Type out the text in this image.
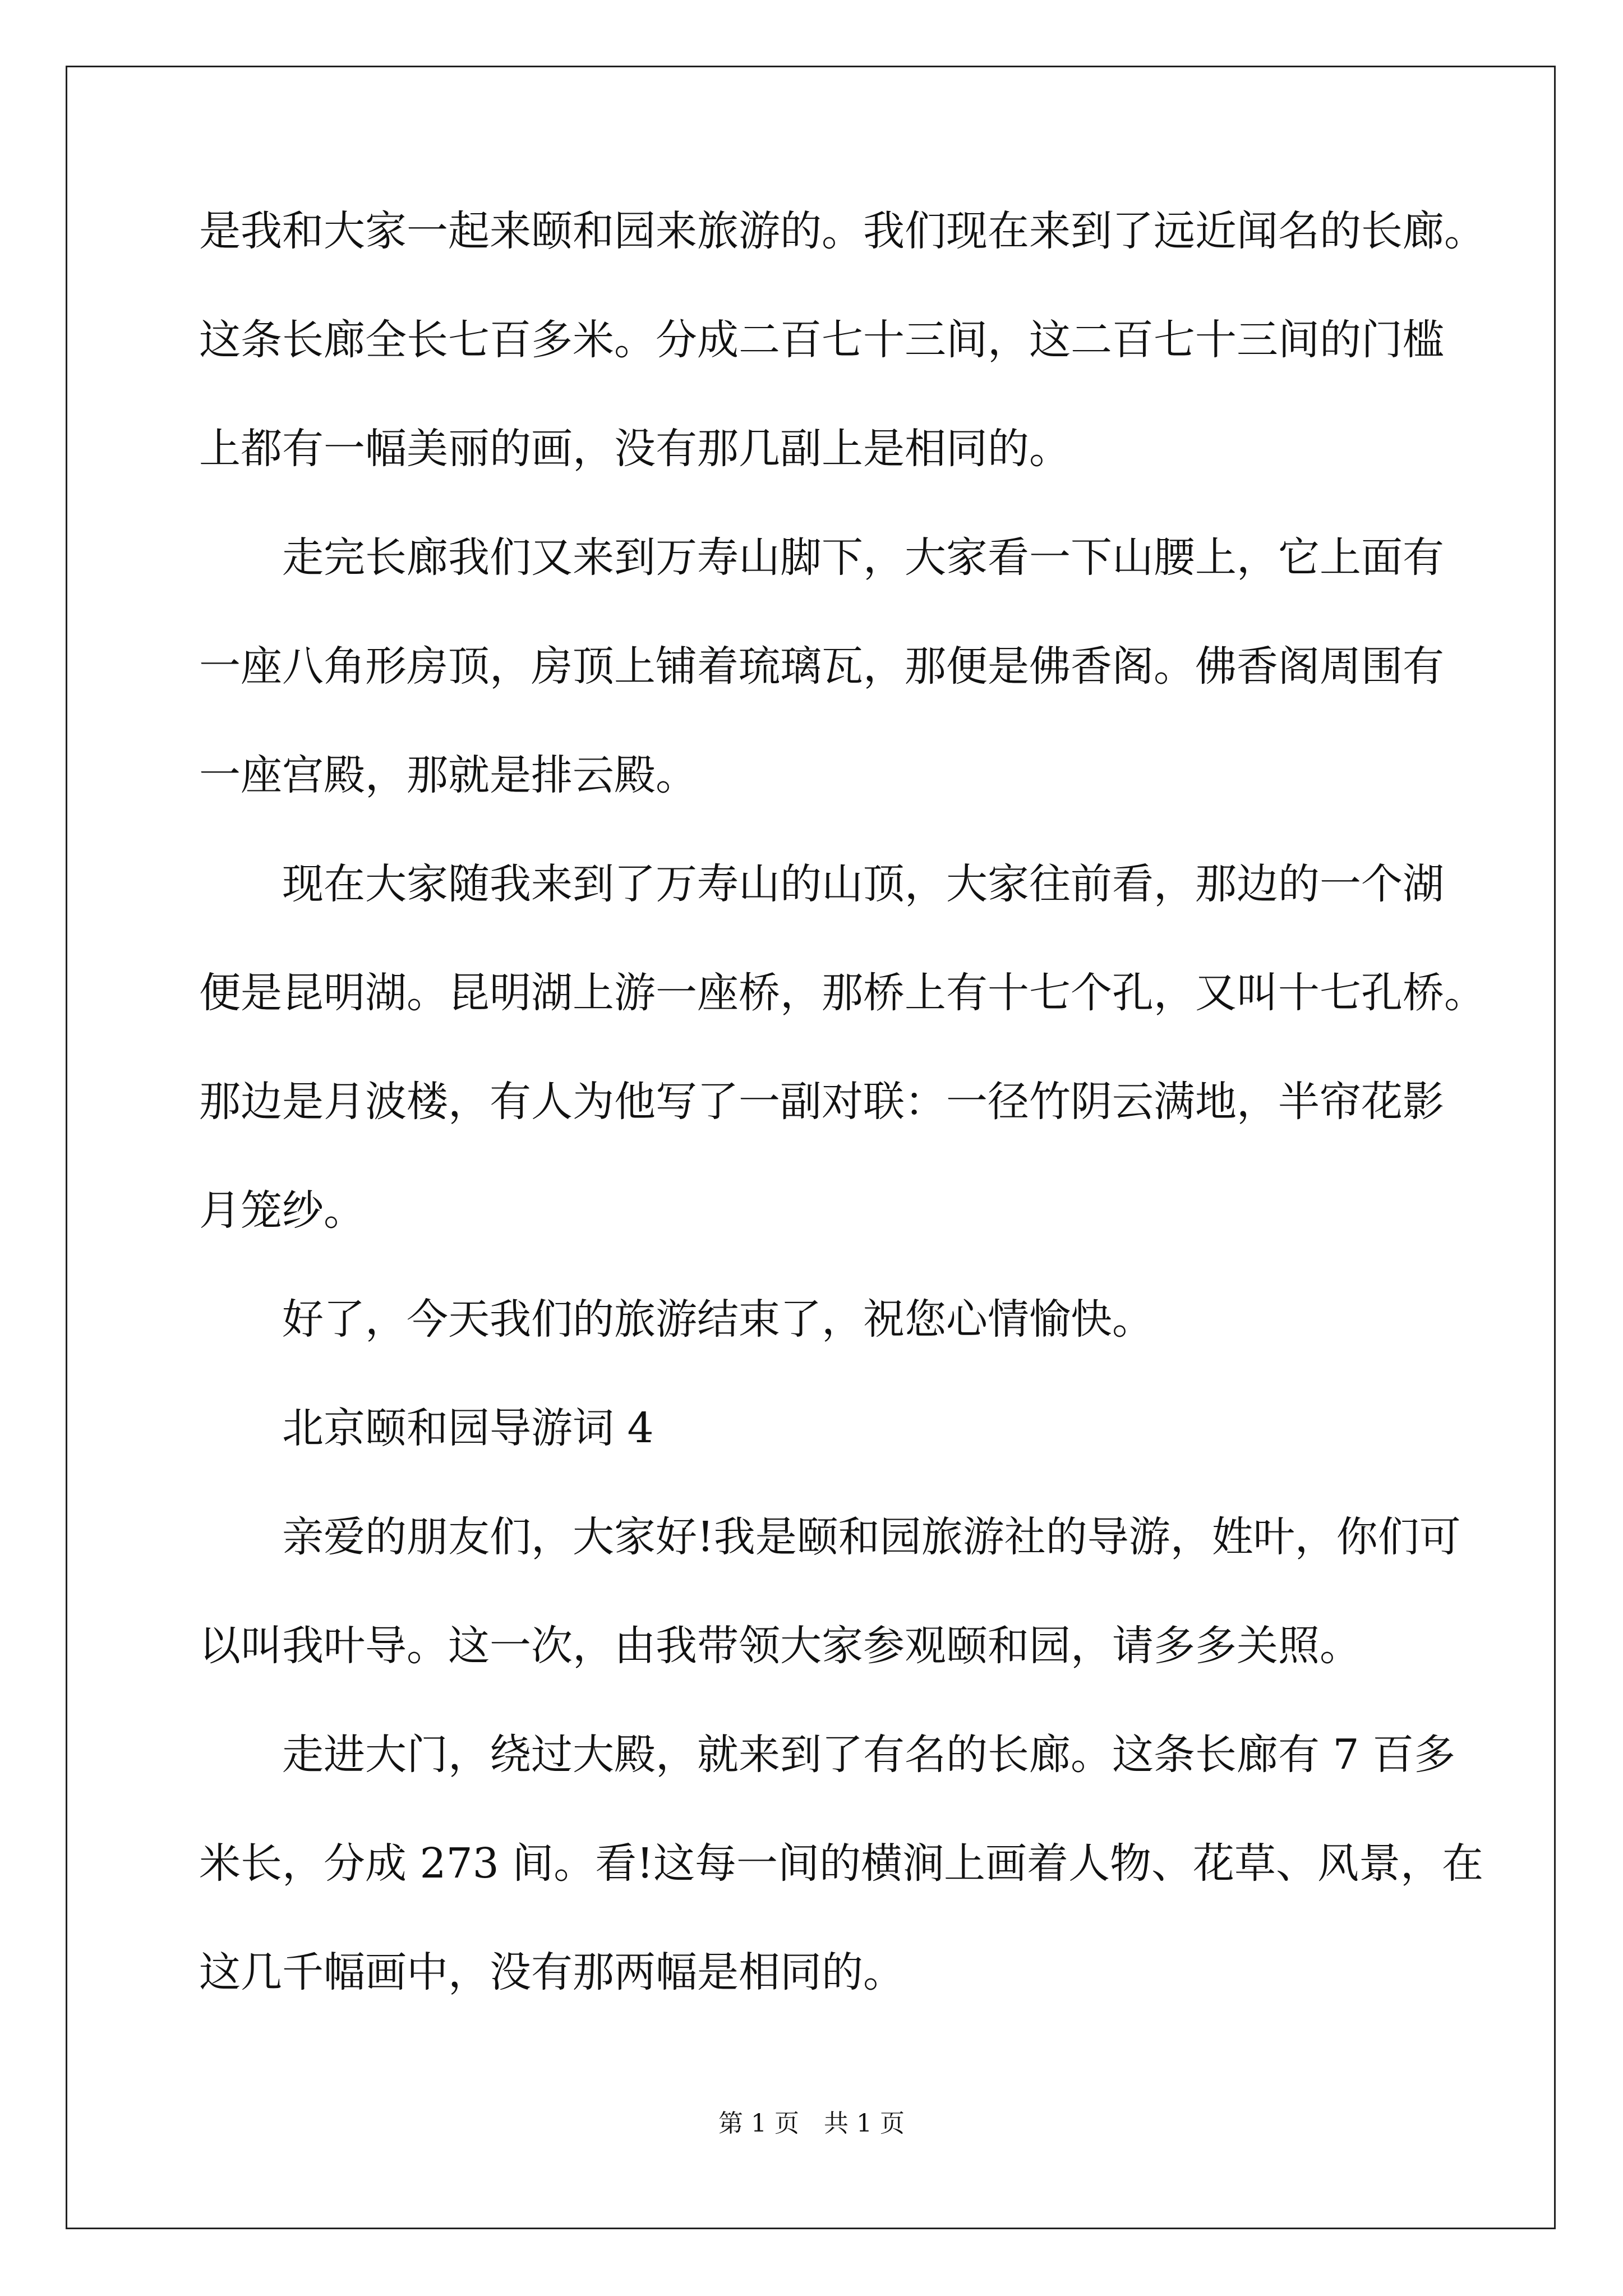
是我和大家一起来颐和园来旅游的。我们现在来到了远近闻名的长廊。
这条长廊全长七百多米。分成二百七十三间，这二百七十三间的门槛
上都有一幅美丽的画，没有那几副上是相同的。
走完长廊我们又来到万寿山脚下，大家看一下山腰上，它上面有
一座八角形房顶，房顶上铺着琉璃瓦，那便是佛香阁。佛香阁周围有
一座宫殿，那就是排云殿。
现在大家随我来到了万寿山的山顶，大家往前看，那边的一个湖
便是昆明湖。昆明湖上游一座桥，那桥上有十七个孔，又叫十七孔桥。
那边是月波楼，有人为他写了一副对联：一径竹阴云满地，半帘花影
月笼纱。
好了，今天我们的旅游结束了，祝您心情愉快。
北京颐和园导游词 4
亲爱的朋友们，大家好!我是颐和园旅游社的导游，姓叶，你们可
以叫我叶导。这一次，由我带领大家参观颐和园，请多多关照。
走进大门，绕过大殿，就来到了有名的长廊。这条长廊有 7 百多
米长，分成 273 间。看!这每一间的横涧上画着人物、花草、风景，在
这几千幅画中，没有那两幅是相同的。
第 1 页　共 1 页
